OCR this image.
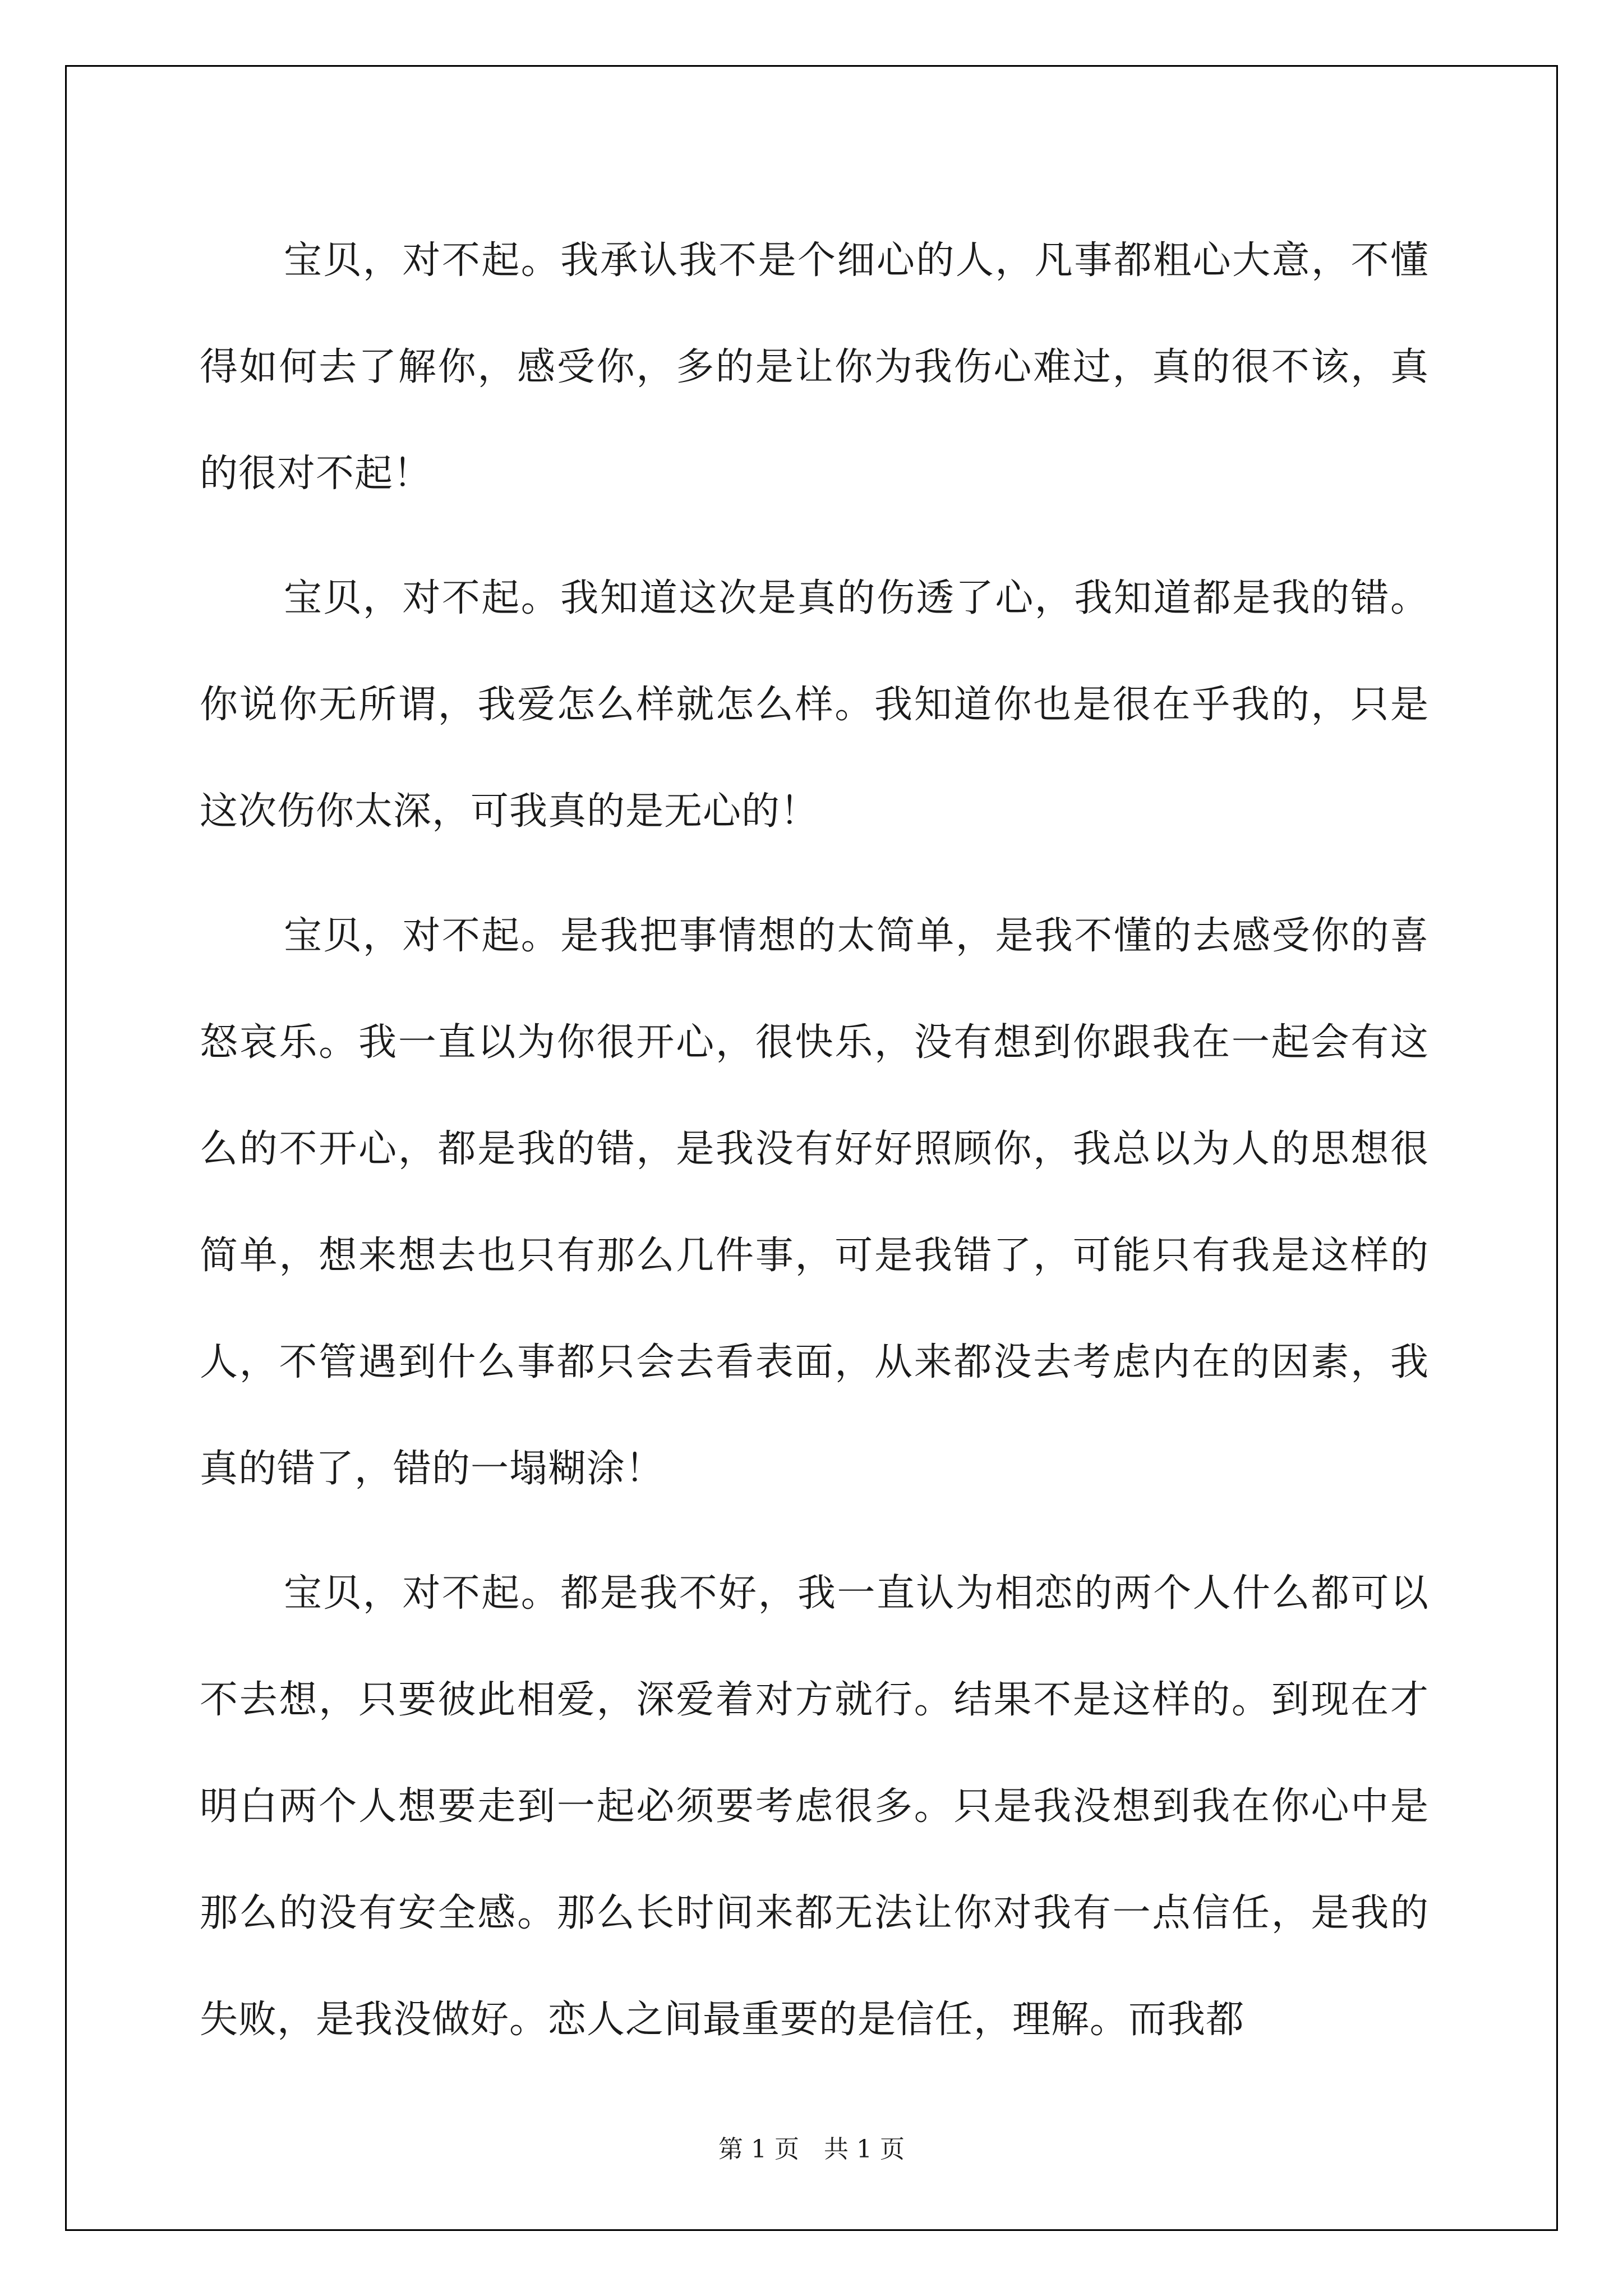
宝贝，对不起。我承认我不是个细心的人，凡事都粗心大意，不懂得如何去了解你，感受你，多的是让你为我伤心难过，真的很不该，真的很对不起！

宝贝，对不起。我知道这次是真的伤透了心，我知道都是我的错。你说你无所谓，我爱怎么样就怎么样。我知道你也是很在乎我的，只是这次伤你太深，可我真的是无心的！

宝贝，对不起。是我把事情想的太简单，是我不懂的去感受你的喜怒哀乐。我一直以为你很开心，很快乐，没有想到你跟我在一起会有这么的不开心，都是我的错，是我没有好好照顾你，我总以为人的思想很简单，想来想去也只有那么几件事，可是我错了，可能只有我是这样的人，不管遇到什么事都只会去看表面，从来都没去考虑内在的因素，我真的错了，错的一塌糊涂！

宝贝，对不起。都是我不好，我一直认为相恋的两个人什么都可以不去想，只要彼此相爱，深爱着对方就行。结果不是这样的。到现在才明白两个人想要走到一起必须要考虑很多。只是我没想到我在你心中是那么的没有安全感。那么长时间来都无法让你对我有一点信任，是我的失败，是我没做好。恋人之间最重要的是信任，理解。而我都

第 1 页　共 1 页
